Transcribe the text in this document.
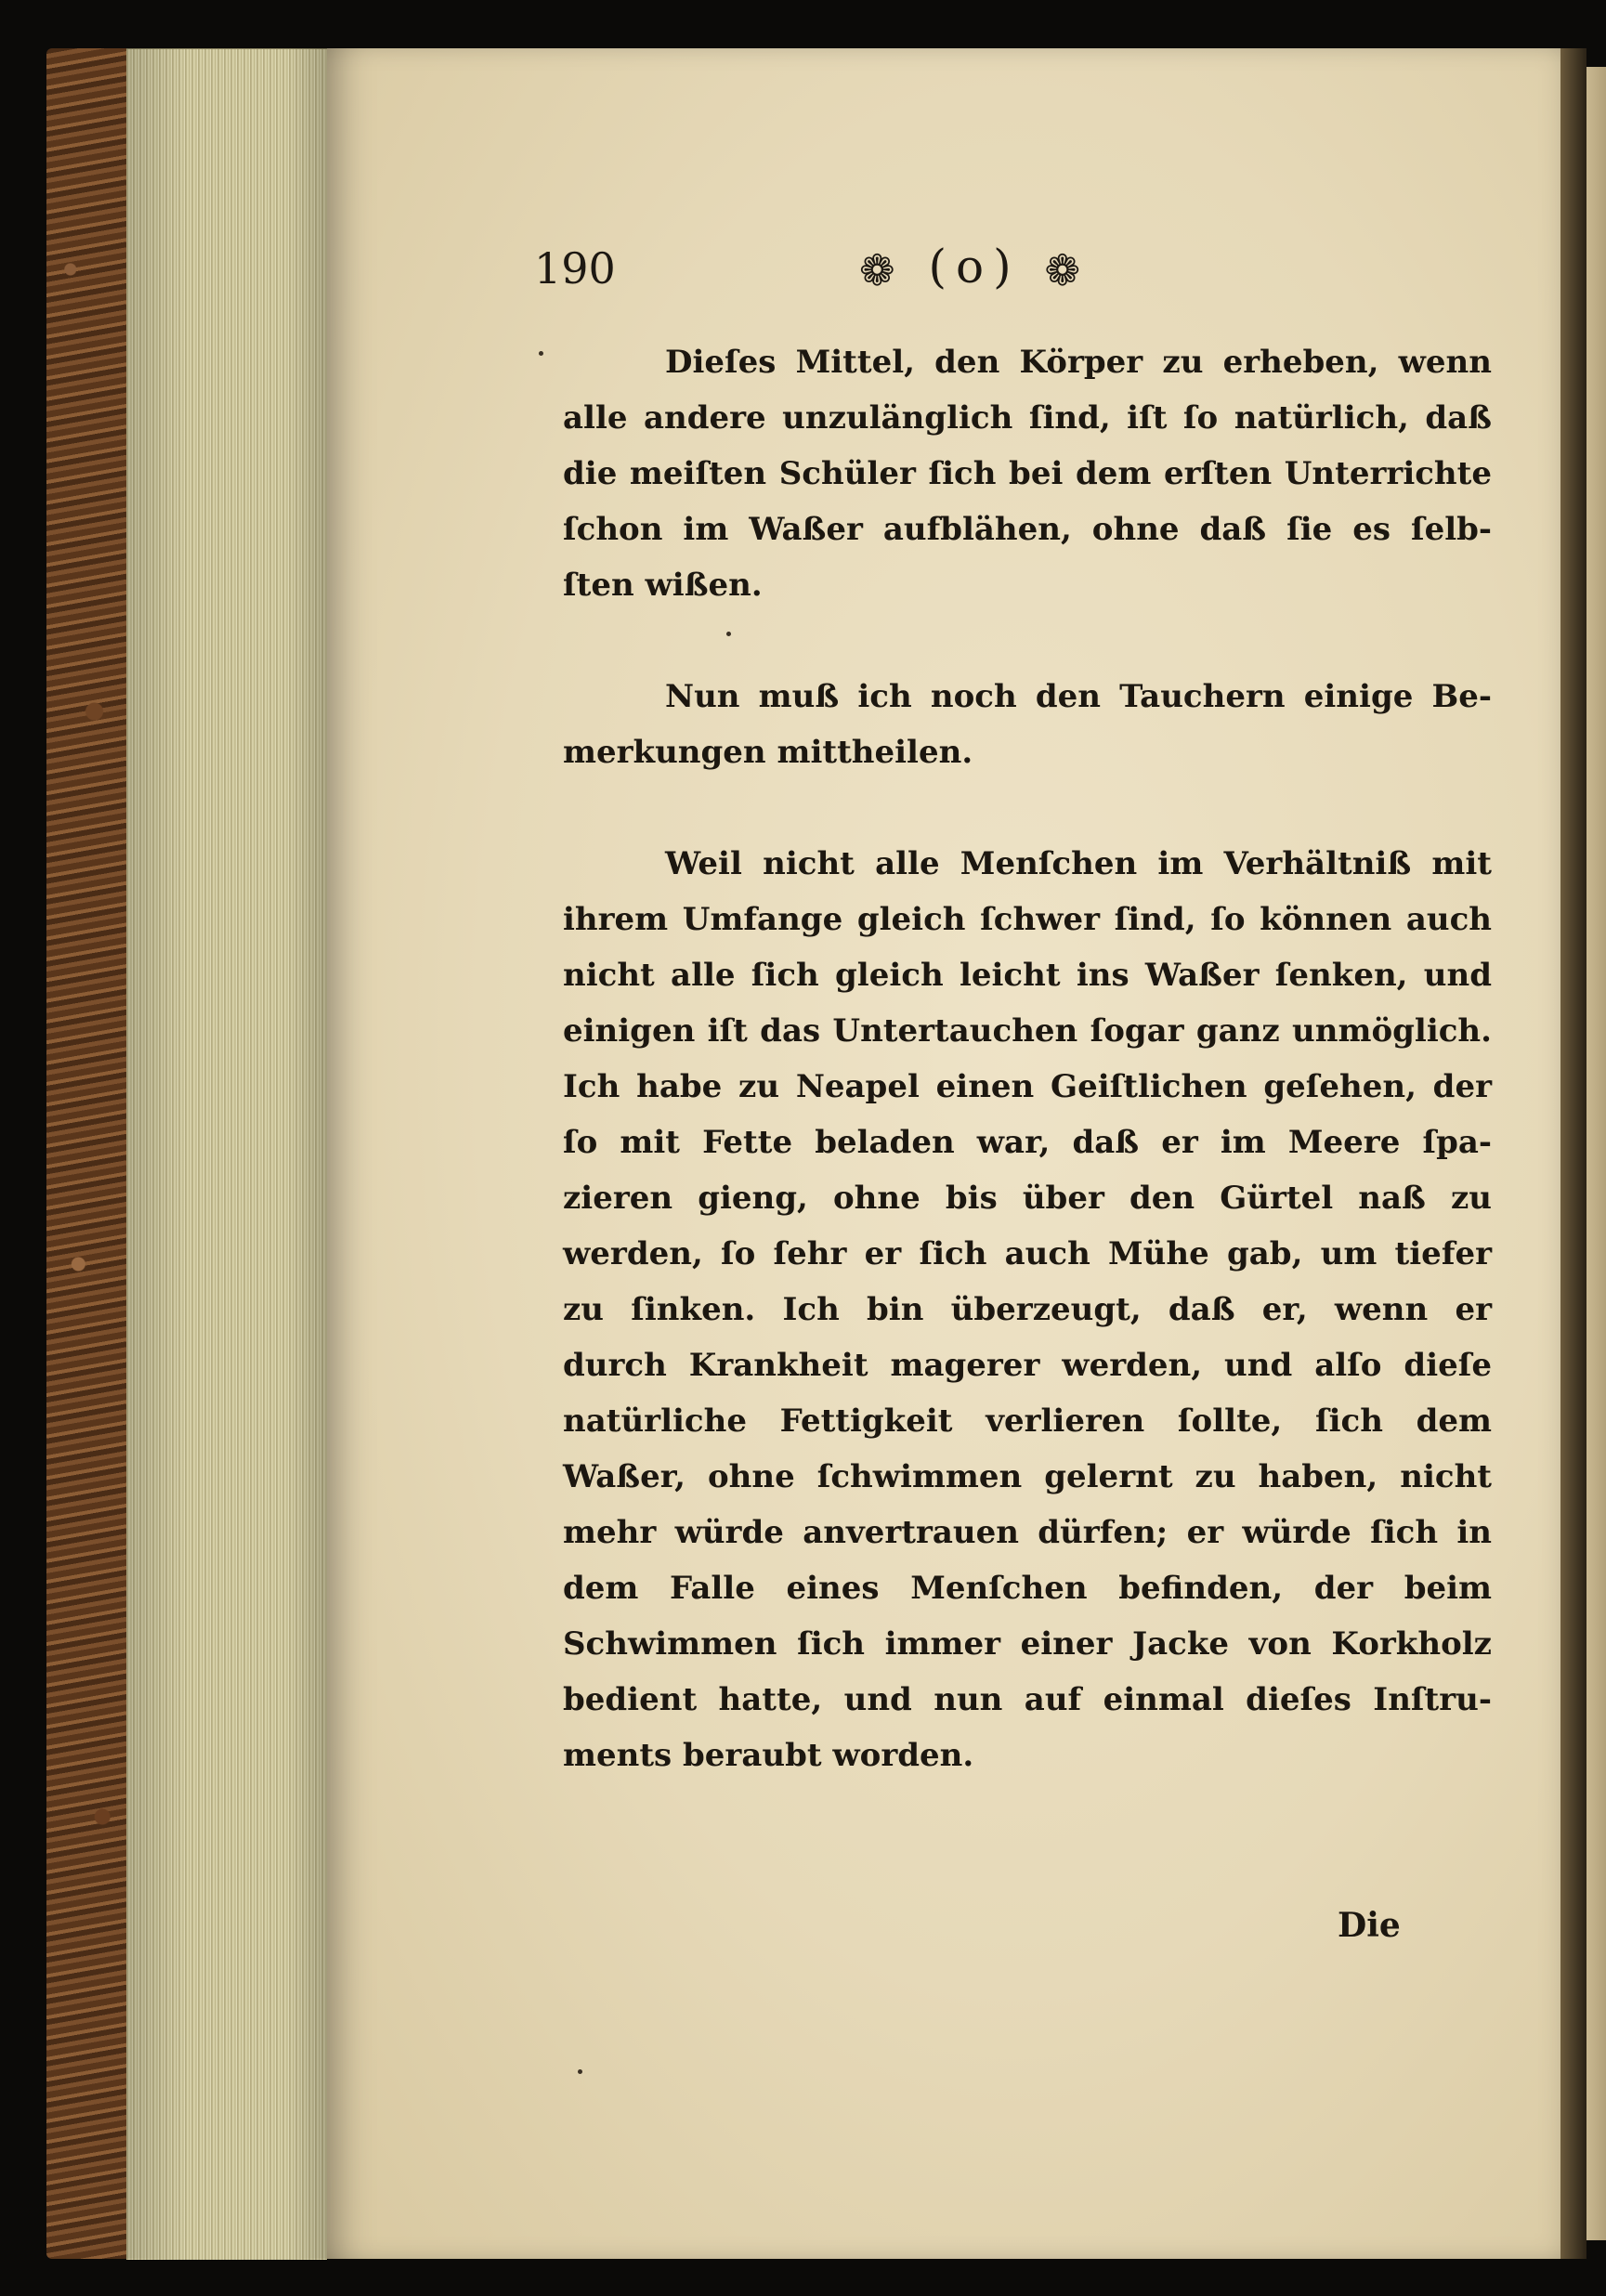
190	❁ (o) ❁

Dieſes Mittel, den Körper zu erheben, wenn
alle andere unzulänglich ſind, iſt ſo natürlich, daß
die meiſten Schüler ſich bei dem erſten Unterrichte
ſchon im Waßer aufblähen, ohne daß ſie es ſelb-
ſten wißen.

Nun muß ich noch den Tauchern einige Be-
merkungen mittheilen.

Weil nicht alle Menſchen im Verhältniß mit
ihrem Umfange gleich ſchwer ſind, ſo können auch
nicht alle ſich gleich leicht ins Waßer ſenken, und
einigen iſt das Untertauchen ſogar ganz unmöglich.
Ich habe zu Neapel einen Geiſtlichen geſehen, der
ſo mit Fette beladen war, daß er im Meere ſpa-
zieren gieng, ohne bis über den Gürtel naß zu
werden, ſo ſehr er ſich auch Mühe gab, um tiefer
zu ſinken. Ich bin überzeugt, daß er, wenn er
durch Krankheit magerer werden, und alſo dieſe
natürliche Fettigkeit verlieren ſollte, ſich dem
Waßer, ohne ſchwimmen gelernt zu haben, nicht
mehr würde anvertrauen dürfen; er würde ſich in
dem Falle eines Menſchen befinden, der beim
Schwimmen ſich immer einer Jacke von Korkholz
bedient hatte, und nun auf einmal dieſes Inſtru-
ments beraubt worden.

Die
